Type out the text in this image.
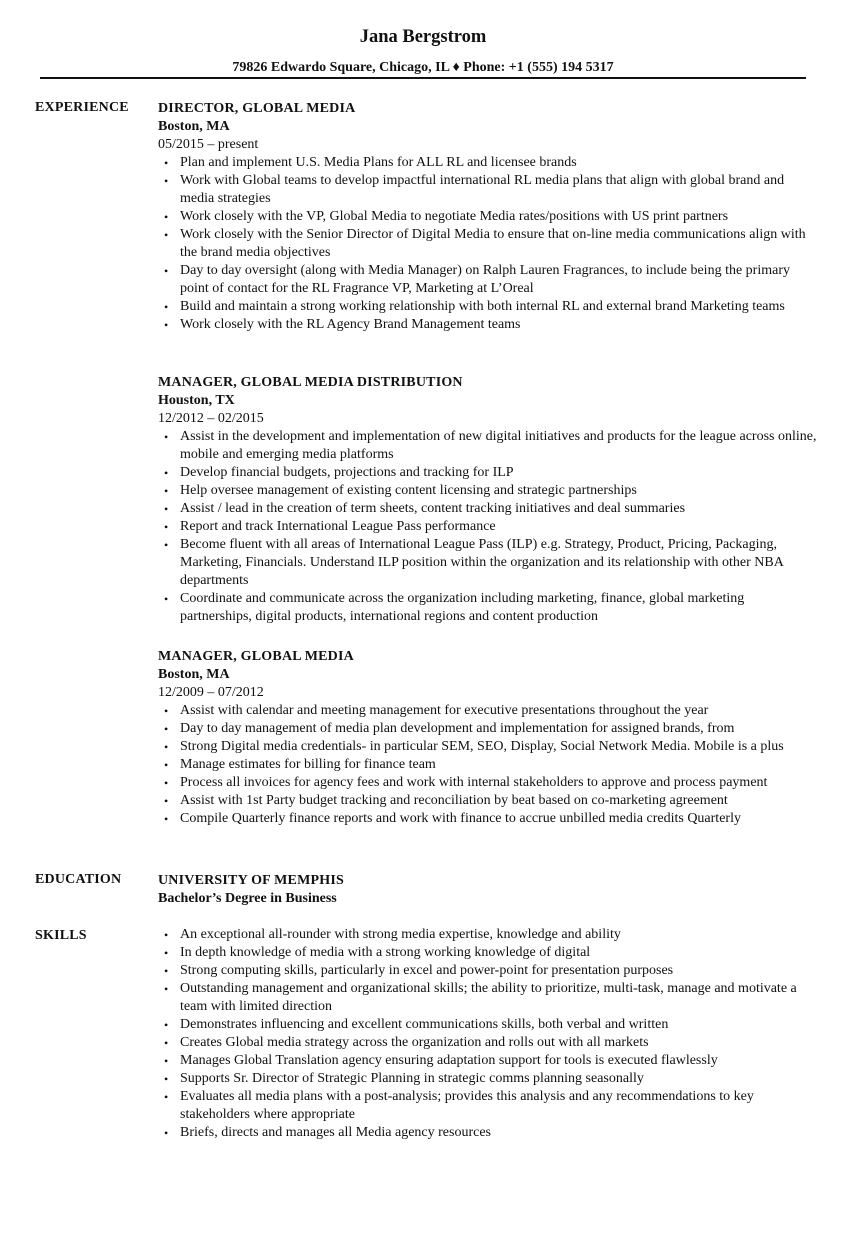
Jana Bergstrom
79826 Edwardo Square, Chicago, IL ♦ Phone: +1 (555) 194 5317
EXPERIENCE DIRECTOR, GLOBAL MEDIA
Boston, MA
05/2015 – present
• Plan and implement U.S. Media Plans for ALL RL and licensee brands
• Work with Global teams to develop impactful international RL media plans that align with global brand and media strategies
• Work closely with the VP, Global Media to negotiate Media rates/positions with US print partners
• Work closely with the Senior Director of Digital Media to ensure that on-line media communications align with the brand media objectives
• Day to day oversight (along with Media Manager) on Ralph Lauren Fragrances, to include being the primary point of contact for the RL Fragrance VP, Marketing at L’Oreal
• Build and maintain a strong working relationship with both internal RL and external brand Marketing teams
• Work closely with the RL Agency Brand Management teams
MANAGER, GLOBAL MEDIA DISTRIBUTION
Houston, TX
12/2012 – 02/2015
• Assist in the development and implementation of new digital initiatives and products for the league across online, mobile and emerging media platforms
• Develop financial budgets, projections and tracking for ILP
• Help oversee management of existing content licensing and strategic partnerships
• Assist / lead in the creation of term sheets, content tracking initiatives and deal summaries
• Report and track International League Pass performance
• Become fluent with all areas of International League Pass (ILP) e.g. Strategy, Product, Pricing, Packaging, Marketing, Financials. Understand ILP position within the organization and its relationship with other NBA departments
• Coordinate and communicate across the organization including marketing, finance, global marketing partnerships, digital products, international regions and content production
MANAGER, GLOBAL MEDIA
Boston, MA
12/2009 – 07/2012
• Assist with calendar and meeting management for executive presentations throughout the year
• Day to day management of media plan development and implementation for assigned brands, from
• Strong Digital media credentials- in particular SEM, SEO, Display, Social Network Media. Mobile is a plus
• Manage estimates for billing for finance team
• Process all invoices for agency fees and work with internal stakeholders to approve and process payment
• Assist with 1st Party budget tracking and reconciliation by beat based on co-marketing agreement
• Compile Quarterly finance reports and work with finance to accrue unbilled media credits Quarterly
EDUCATION	UNIVERSITY OF MEMPHIS
Bachelor’s Degree in Business
SKILLS	• An exceptional all-rounder with strong media expertise, knowledge and ability
• In depth knowledge of media with a strong working knowledge of digital
• Strong computing skills, particularly in excel and power-point for presentation purposes
• Outstanding management and organizational skills; the ability to prioritize, multi-task, manage and motivate a team with limited direction
• Demonstrates influencing and excellent communications skills, both verbal and written
• Creates Global media strategy across the organization and rolls out with all markets
• Manages Global Translation agency ensuring adaptation support for tools is executed flawlessly
• Supports Sr. Director of Strategic Planning in strategic comms planning seasonally
• Evaluates all media plans with a post-analysis; provides this analysis and any recommendations to key stakeholders where appropriate
• Briefs, directs and manages all Media agency resources
